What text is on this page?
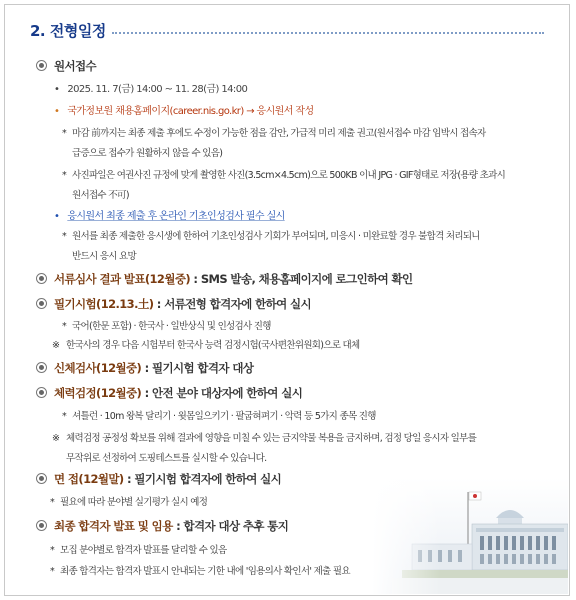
2. 전형일정
원서접수
• 2025. 11. 7(금) 14:00 ~ 11. 28(금) 14:00
• 국가정보원 채용홈페이지(career.nis.go.kr) → 응시원서 작성
* 마감 前까지는 최종 제출 후에도 수정이 가능한 점을 감안, 가급적 미리 제출 권고(원서접수 마감 임박시 접속자
급증으로 접수가 원활하지 않을 수 있음)
* 사진파일은 여권사진 규정에 맞게 촬영한 사진(3.5cm×4.5cm)으로 500KB 이내 JPG · GIF형태로 저장(용량 초과시
원서접수 不可)
• 응시원서 최종 제출 후 온라인 기초인성검사 필수 실시
* 원서를 최종 제출한 응시생에 한하여 기초인성검사 기회가 부여되며, 미응시 · 미완료할 경우 불합격 처리되니
반드시 응시 요망
서류심사 결과 발표(12월중) : SMS 발송, 채용홈페이지에 로그인하여 확인
필기시험(12.13.土) : 서류전형 합격자에 한하여 실시
* 국어(한문 포함) · 한국사 · 일반상식 및 인성검사 진행
※ 한국사의 경우 다음 시험부터 한국사 능력 검정시험(국사편찬위원회)으로 대체
신체검사(12월중) : 필기시험 합격자 대상
체력검정(12월중) : 안전 분야 대상자에 한하여 실시
* 셔틀런 · 10m 왕복 달리기 · 윗몸일으키기 · 팔굽혀펴기 · 악력 등 5가지 종목 진행
※ 체력검정 공정성 확보를 위해 결과에 영향을 미칠 수 있는 금지약물 복용을 금지하며, 검정 당일 응시자 일부를
무작위로 선정하여 도핑테스트를 실시할 수 있습니다.
면 접(12월말) : 필기시험 합격자에 한하여 실시
* 필요에 따라 분야별 실기평가 실시 예정
최종 합격자 발표 및 임용 : 합격자 대상 추후 통지
* 모집 분야별로 합격자 발표를 달리할 수 있음
* 최종 합격자는 합격자 발표시 안내되는 기한 내에 '임용의사 확인서' 제출 필요
